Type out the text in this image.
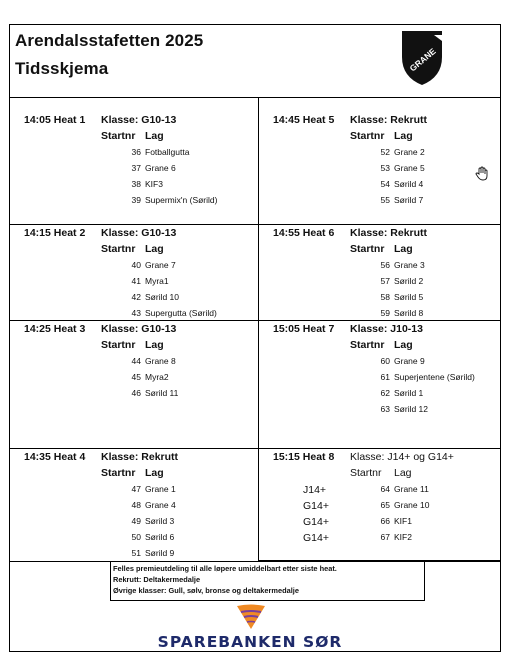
Arendalsstafetten 2025
Tidsskjema	GRANE
14:05 Heat 1 Klasse: G10-13
Startnr Lag
36 Fotballgutta
37 Grane 6
38 KIF3
39 Supermix'n (Sørild)
14:45 Heat 5 Klasse: Rekrutt
Startnr Lag
52 Grane 2
53 Grane 5
54 Sørild 4
55 Sørild 7
14:15 Heat 2 Klasse: G10-13
Startnr Lag
40 Grane 7
41 Myra1
42 Sørild 10
43 Supergutta (Sørild)
14:55 Heat 6 Klasse: Rekrutt
Startnr Lag
56 Grane 3
57 Sørild 2
58 Sørild 5
59 Sørild 8
14:25 Heat 3 Klasse: G10-13
Startnr Lag
44 Grane 8
45 Myra2
46 Sørild 11
15:05 Heat 7 Klasse: J10-13
Startnr Lag
60 Grane 9
61 Superjentene (Sørild)
62 Sørild 1
63 Sørild 12
14:35 Heat 4 Klasse: Rekrutt
Startnr Lag
47 Grane 1
48 Grane 4
49 Sørild 3
50 Sørild 6
51 Sørild 9
15:15 Heat 8 Klasse: J14+ og G14+
Startnr Lag
J14+
G14+
G14+
G14+
64 Grane 11
65 Grane 10
66 KIF1
67 KIF2
Felles premieutdeling til alle løpere umiddelbart etter siste heat.
Rekrutt: Deltakermedalje
Øvrige klasser: Gull, sølv, bronse og deltakermedalje
SPAREBANKEN SØR
